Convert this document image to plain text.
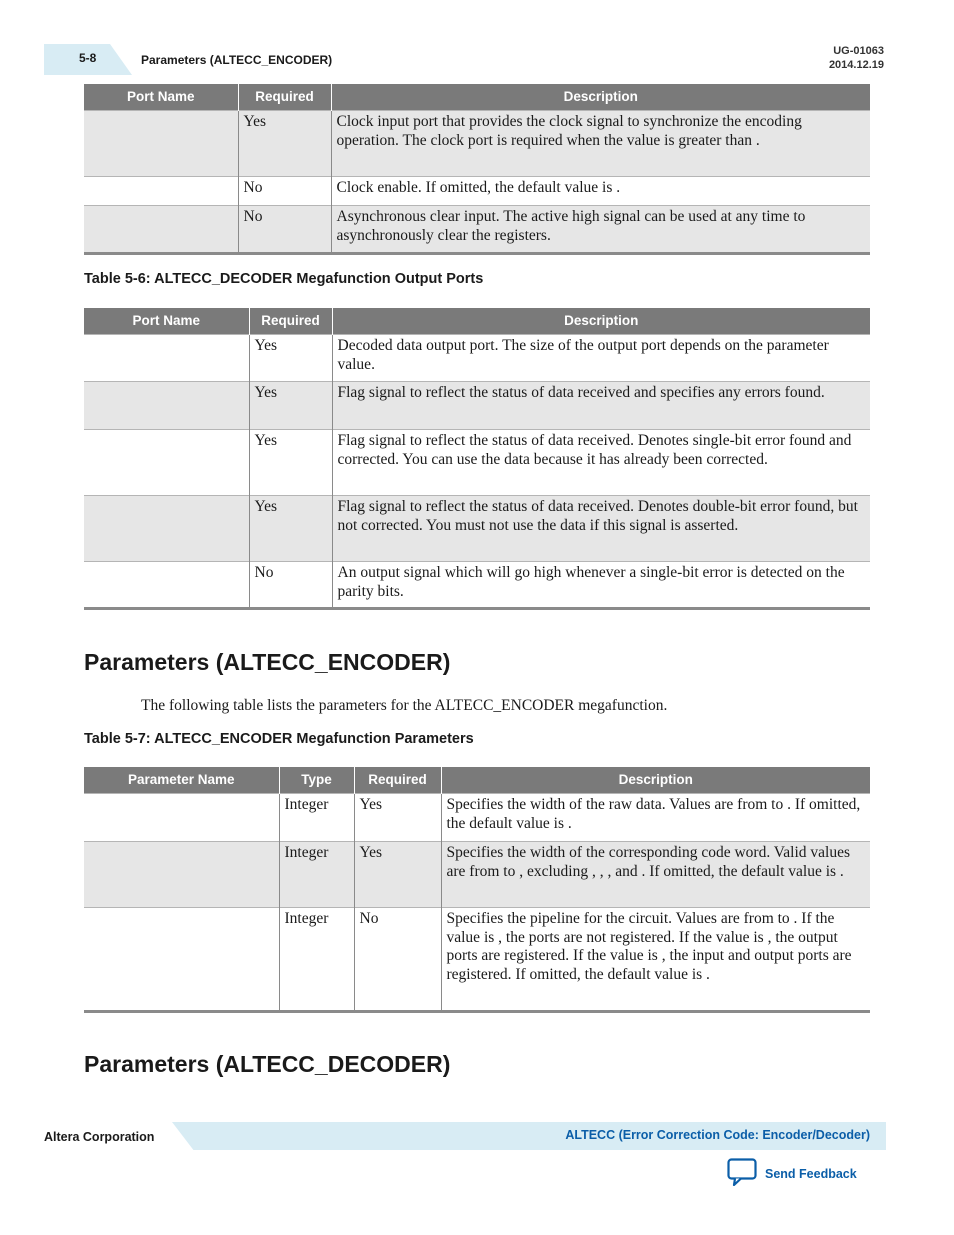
5-8	Parameters (ALTECC_ENCODER)
UG-01063
2014.12.19
Port Name	Required	Description
	Yes	Clock input port that provides the clock signal to synchronize the encoding operation. The clock port is required when the value is greater than .
	No	Clock enable. If omitted, the default value is .
	No	Asynchronous clear input. The active high signal can be used at any time to asynchronously clear the registers.
Table 5-6: ALTECC_DECODER Megafunction Output Ports
Port Name	Required	Description
	Yes	Decoded data output port. The size of the output port depends on the parameter value.
	Yes	Flag signal to reflect the status of data received and specifies any errors found.
	Yes	Flag signal to reflect the status of data received. Denotes single-bit error found and corrected. You can use the data because it has already been corrected.
	Yes	Flag signal to reflect the status of data received. Denotes double-bit error found, but not corrected. You must not use the data if this signal is asserted.
	No	An output signal which will go high whenever a single-bit error is detected on the parity bits.
Parameters (ALTECC_ENCODER)
The following table lists the parameters for the ALTECC_ENCODER megafunction.
Table 5-7: ALTECC_ENCODER Megafunction Parameters
Parameter Name	Type	Required	Description
	Integer	Yes	Specifies the width of the raw data. Values are from to . If omitted, the default value is .
	Integer	Yes	Specifies the width of the corresponding code word. Valid values are from to , excluding , , , and . If omitted, the default value is .
	Integer	No	Specifies the pipeline for the circuit. Values are from to . If the value is , the ports are not registered. If the value is , the output ports are registered. If the value is , the input and output ports are registered. If omitted, the default value is .
Parameters (ALTECC_DECODER)
Altera Corporation	ALTECC (Error Correction Code: Encoder/Decoder)
Send Feedback
